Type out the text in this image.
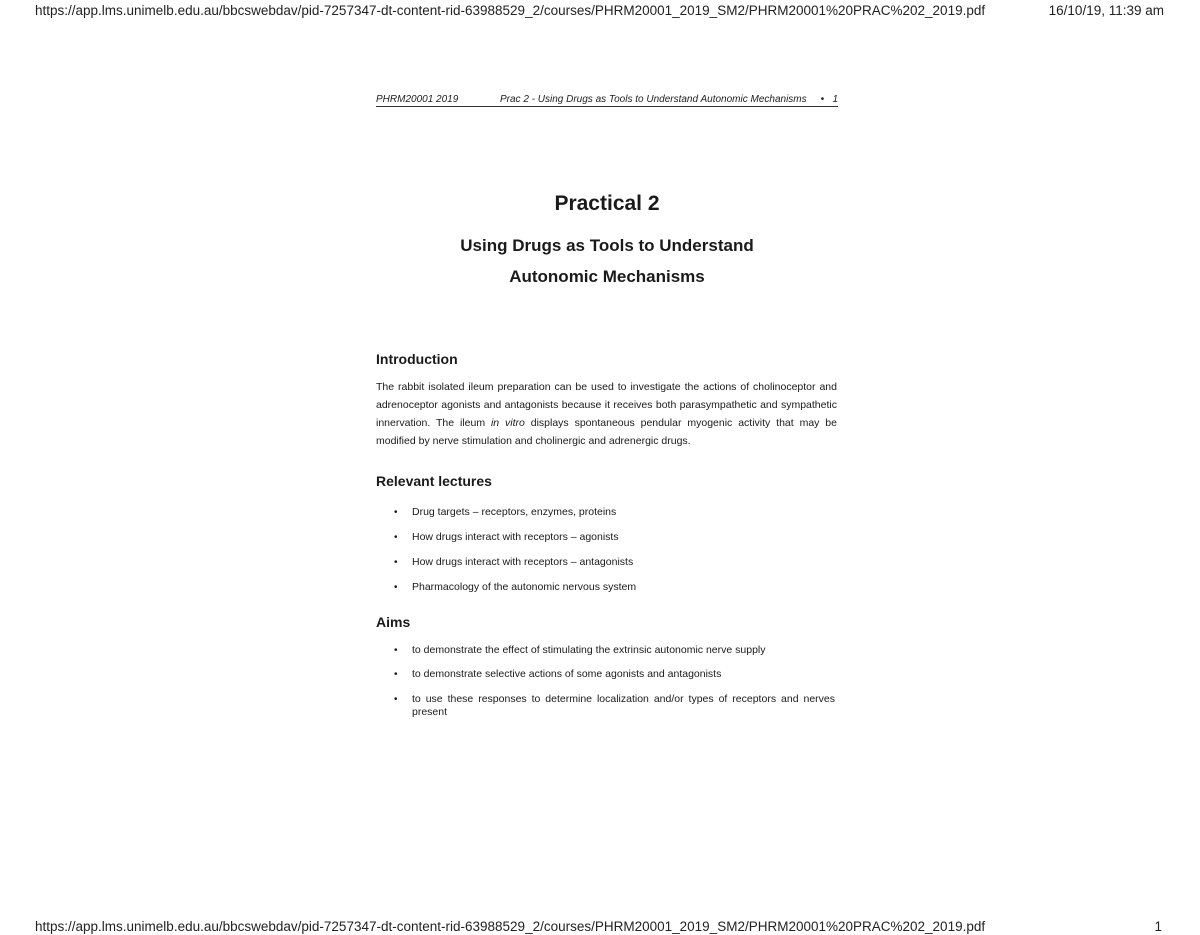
https://app.lms.unimelb.edu.au/bbcswebdav/pid-7257347-dt-content-rid-63988529_2/courses/PHRM20001_2019_SM2/PHRM20001%20PRAC%202_2019.pdf	16/10/19, 11:39 am
PHRM20001 2019	Prac 2 - Using Drugs as Tools to Understand Autonomic Mechanisms • 1
Practical 2
Using Drugs as Tools to Understand
Autonomic Mechanisms
Introduction

The rabbit isolated ileum preparation can be used to investigate the actions of cholinoceptor and adrenoceptor agonists and antagonists because it receives both parasympathetic and sympathetic innervation. The ileum in vitro displays spontaneous pendular myogenic activity that may be modified by nerve stimulation and cholinergic and adrenergic drugs.

Relevant lectures
• Drug targets – receptors, enzymes, proteins
• How drugs interact with receptors – agonists
• How drugs interact with receptors – antagonists
• Pharmacology of the autonomic nervous system
Aims
• to demonstrate the effect of stimulating the extrinsic autonomic nerve supply
• to demonstrate selective actions of some agonists and antagonists
• to use these responses to determine localization and/or types of receptors and nerves present
https://app.lms.unimelb.edu.au/bbcswebdav/pid-7257347-dt-content-rid-63988529_2/courses/PHRM20001_2019_SM2/PHRM20001%20PRAC%202_2019.pdf	1
